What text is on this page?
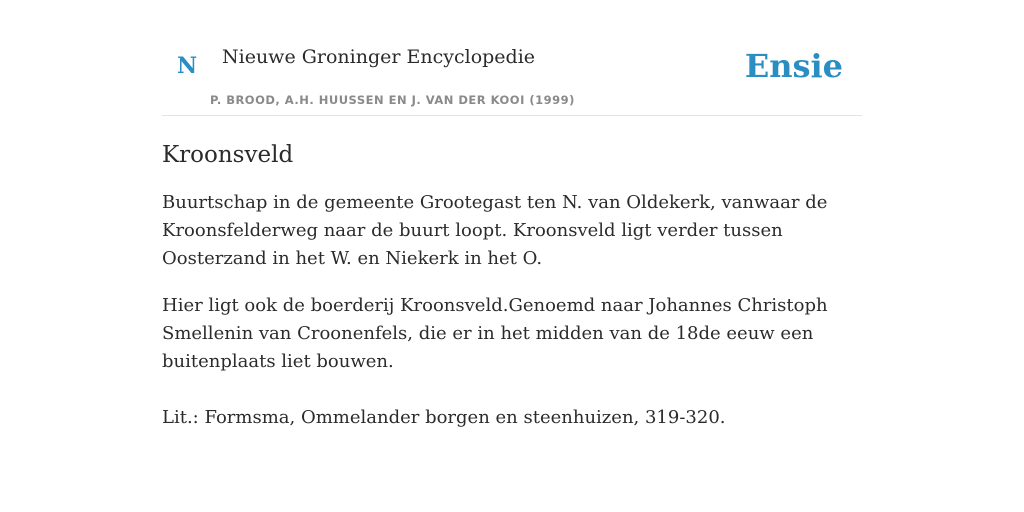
N Nieuwe Groninger Encyclopedie
P. BROOD, A.H. HUUSSEN EN J. VAN DER KOOI (1999)
Ensie
Kroonsveld

Buurtschap in de gemeente Grootegast ten N. van Oldekerk, vanwaar de Kroonsfelderweg naar de buurt loopt. Kroonsveld ligt verder tussen Oosterzand in het W. en Niekerk in het O.

Hier ligt ook de boerderij Kroonsveld.Genoemd naar Johannes Christoph Smellenin van Croonenfels, die er in het midden van de 18de eeuw een buitenplaats liet bouwen.

Lit.: Formsma, Ommelander borgen en steenhuizen, 319-320.
